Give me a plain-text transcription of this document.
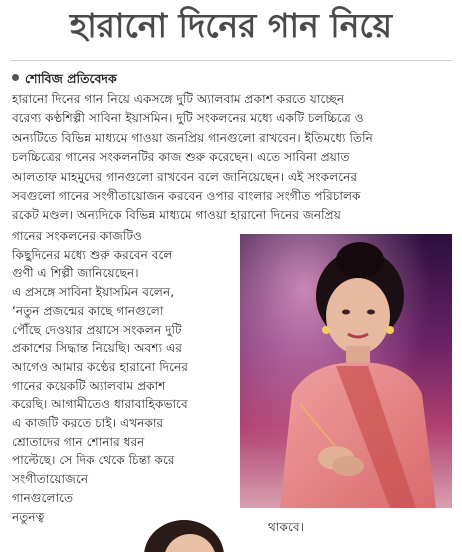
হারানো দিনের গান নিয়ে
শোবিজ প্রতিবেদক

হারানো দিনের গান নিয়ে একসঙ্গে দুটি অ্যালবাম প্রকাশ করতে যাচ্ছেন
বরেণ্য কণ্ঠশিল্পী সাবিনা ইয়াসমিন। দুটি সংকলনের মধ্যে একটি চলচ্চিত্রে ও
অন্যটিতে বিভিন্ন মাধ্যমে গাওয়া জনপ্রিয় গানগুলো রাখবেন। ইতিমধ্যে তিনি
চলচ্চিত্রের গানের সংকলনটির কাজ শুরু করেছেন। এতে সাবিনা প্রয়াত
আলতাফ মাহমুদের গানগুলো রাখবেন বলে জানিয়েছেন। এই সংকলনের
সবগুলো গানের সংগীতায়োজন করবেন ওপার বাংলার সংগীত পরিচালক
রকেট মণ্ডল। অন্যদিকে বিভিন্ন মাধ্যমে গাওয়া হারানো দিনের জনপ্রিয়

গানের সংকলনের কাজটিও
কিছুদিনের মধ্যে শুরু করবেন বলে
গুণী এ শিল্পী জানিয়েছেন।
এ প্রসঙ্গে সাবিনা ইয়াসমিন বলেন,
‘নতুন প্রজন্মের কাছে গানগুলো
পৌঁছে দেওয়ার প্রয়াসে সংকলন দুটি
প্রকাশের সিদ্ধান্ত নিয়েছি। অবশ্য এর
আগেও আমার কণ্ঠের হারানো দিনের
গানের কয়েকটি অ্যালবাম প্রকাশ
করেছি। আগামীতেও ধারাবাহিকভাবে
এ কাজটি করতে চাই। এখনকার
শ্রোতাদের গান শোনার ধরন
পাল্টেছে। সে দিক থেকে চিন্তা করে
সংগীতায়োজনে
গানগুলোতে
নতুনত্ব

থাকবে।
